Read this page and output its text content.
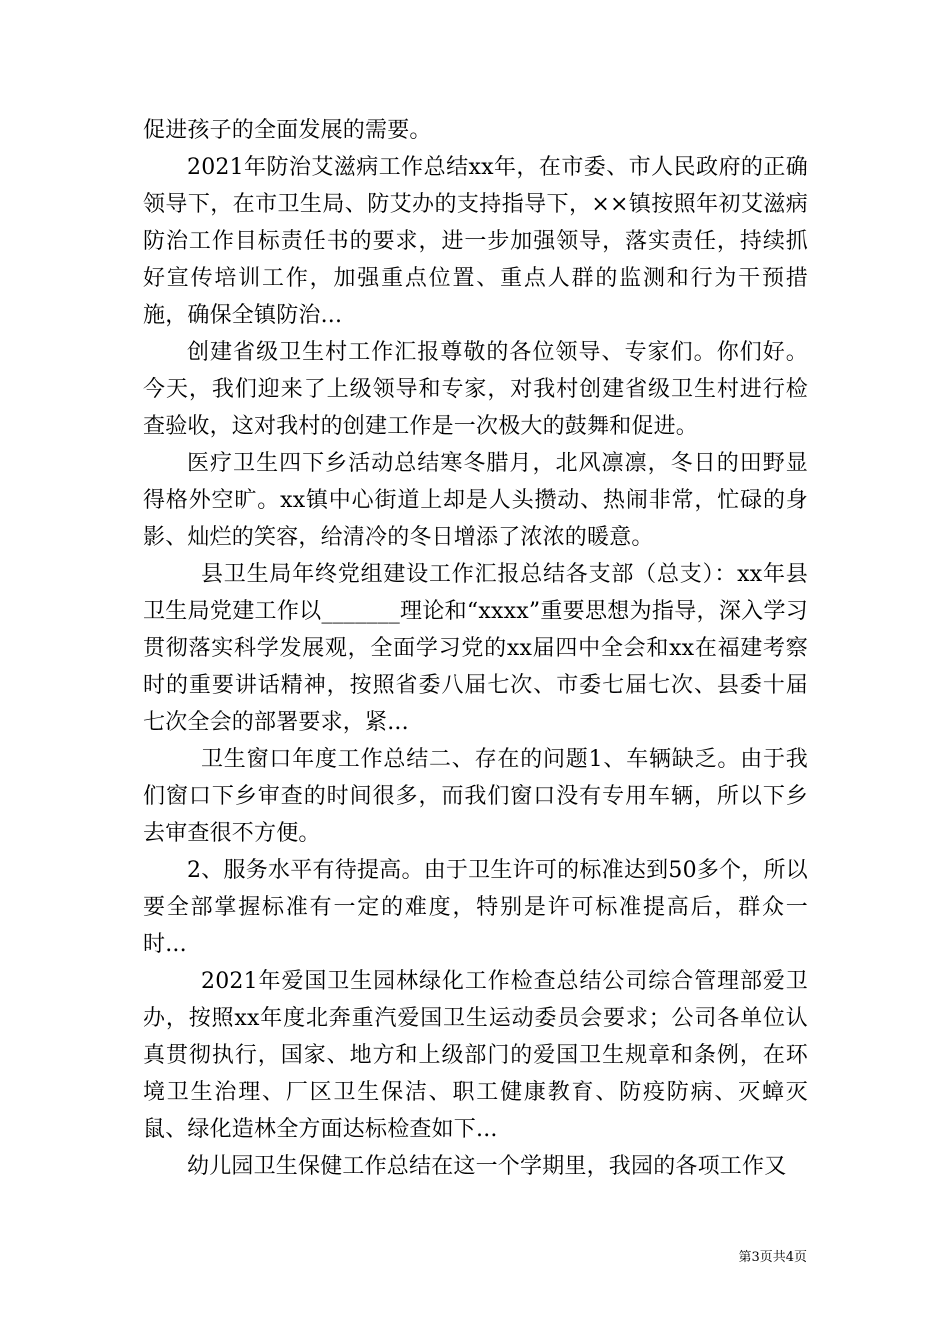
促进孩子的全面发展的需要。

2021年防治艾滋病工作总结xx年，在市委、市人民政府的正确领导下，在市卫生局、防艾办的支持指导下，××镇按照年初艾滋病防治工作目标责任书的要求，进一步加强领导，落实责任，持续抓好宣传培训工作，加强重点位置、重点人群的监测和行为干预措施，确保全镇防治...

创建省级卫生村工作汇报尊敬的各位领导、专家们。你们好。今天，我们迎来了上级领导和专家，对我村创建省级卫生村进行检查验收，这对我村的创建工作是一次极大的鼓舞和促进。

医疗卫生四下乡活动总结寒冬腊月，北风凛凛，冬日的田野显得格外空旷。xx镇中心街道上却是人头攒动、热闹非常，忙碌的身影、灿烂的笑容，给清冷的冬日增添了浓浓的暖意。

县卫生局年终党组建设工作汇报总结各支部（总支）：xx年县卫生局党建工作以_______理论和“xxxx”重要思想为指导，深入学习贯彻落实科学发展观，全面学习党的xx届四中全会和xx在福建考察时的重要讲话精神，按照省委八届七次、市委七届七次、县委十届七次全会的部署要求，紧...

卫生窗口年度工作总结二、存在的问题1、车辆缺乏。由于我们窗口下乡审查的时间很多，而我们窗口没有专用车辆，所以下乡去审查很不方便。

2、服务水平有待提高。由于卫生许可的标准达到50多个，所以要全部掌握标准有一定的难度，特别是许可标准提高后，群众一时...

2021年爱国卫生园林绿化工作检查总结公司综合管理部爱卫办，按照xx年度北奔重汽爱国卫生运动委员会要求；公司各单位认真贯彻执行，国家、地方和上级部门的爱国卫生规章和条例，在环境卫生治理、厂区卫生保洁、职工健康教育、防疫防病、灭蟑灭鼠、绿化造林全方面达标检查如下...

幼儿园卫生保健工作总结在这一个学期里，我园的各项工作又

第3页共4页
